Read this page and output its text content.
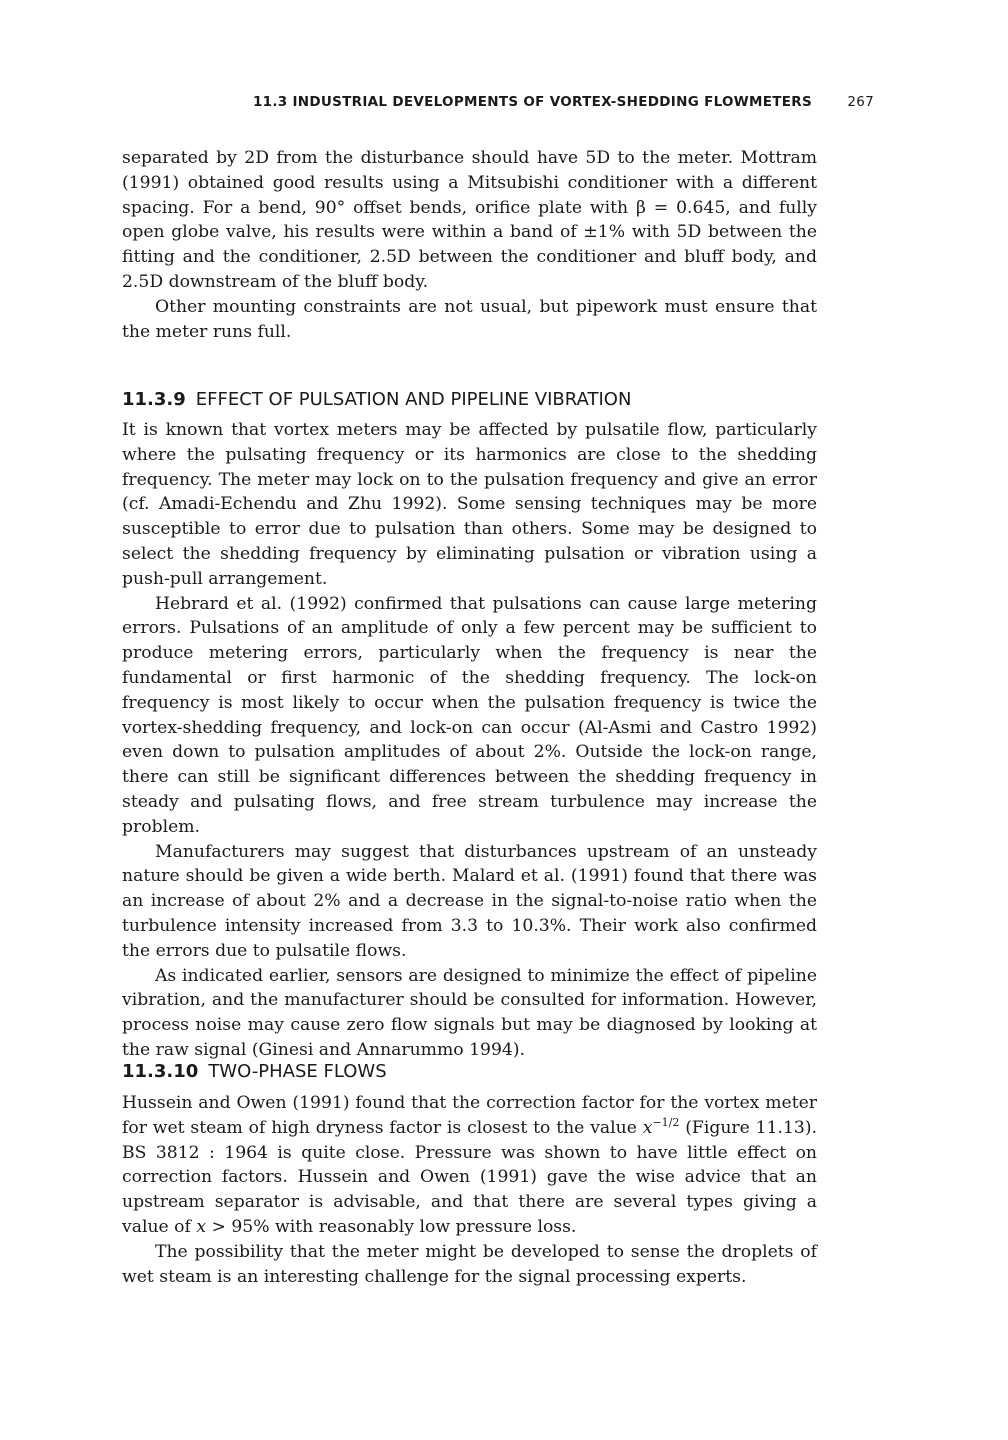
11.3 INDUSTRIAL DEVELOPMENTS OF VORTEX-SHEDDING FLOWMETERS	267

separated by 2D from the disturbance should have 5D to the meter. Mottram (1991) obtained good results using a Mitsubishi conditioner with a different spacing. For a bend, 90° offset bends, orifice plate with β = 0.645, and fully open globe valve, his results were within a band of ±1% with 5D between the fitting and the conditioner, 2.5D between the conditioner and bluff body, and 2.5D downstream of the bluff body.

Other mounting constraints are not usual, but pipework must ensure that the meter runs full.

11.3.9 EFFECT OF PULSATION AND PIPELINE VIBRATION

It is known that vortex meters may be affected by pulsatile flow, particularly where the pulsating frequency or its harmonics are close to the shedding frequency. The meter may lock on to the pulsation frequency and give an error (cf. Amadi-Echendu and Zhu 1992). Some sensing techniques may be more susceptible to error due to pulsation than others. Some may be designed to select the shedding frequency by eliminating pulsation or vibration using a push-pull arrangement.

Hebrard et al. (1992) confirmed that pulsations can cause large metering errors. Pulsations of an amplitude of only a few percent may be sufficient to produce metering errors, particularly when the frequency is near the fundamental or first harmonic of the shedding frequency. The lock-on frequency is most likely to occur when the pulsation frequency is twice the vortex-shedding frequency, and lock-on can occur (Al-Asmi and Castro 1992) even down to pulsation amplitudes of about 2%. Outside the lock-on range, there can still be significant differences between the shedding frequency in steady and pulsating flows, and free stream turbulence may increase the problem.

Manufacturers may suggest that disturbances upstream of an unsteady nature should be given a wide berth. Malard et al. (1991) found that there was an increase of about 2% and a decrease in the signal-to-noise ratio when the turbulence intensity increased from 3.3 to 10.3%. Their work also confirmed the errors due to pulsatile flows.

As indicated earlier, sensors are designed to minimize the effect of pipeline vibration, and the manufacturer should be consulted for information. However, process noise may cause zero flow signals but may be diagnosed by looking at the raw signal (Ginesi and Annarummo 1994).

11.3.10 TWO-PHASE FLOWS

Hussein and Owen (1991) found that the correction factor for the vortex meter for wet steam of high dryness factor is closest to the value $x^{-1/2}$ (Figure 11.13). BS 3812 : 1964 is quite close. Pressure was shown to have little effect on correction factors. Hussein and Owen (1991) gave the wise advice that an upstream separator is advisable, and that there are several types giving a value of x > 95% with reasonably low pressure loss.

The possibility that the meter might be developed to sense the droplets of wet steam is an interesting challenge for the signal processing experts.
